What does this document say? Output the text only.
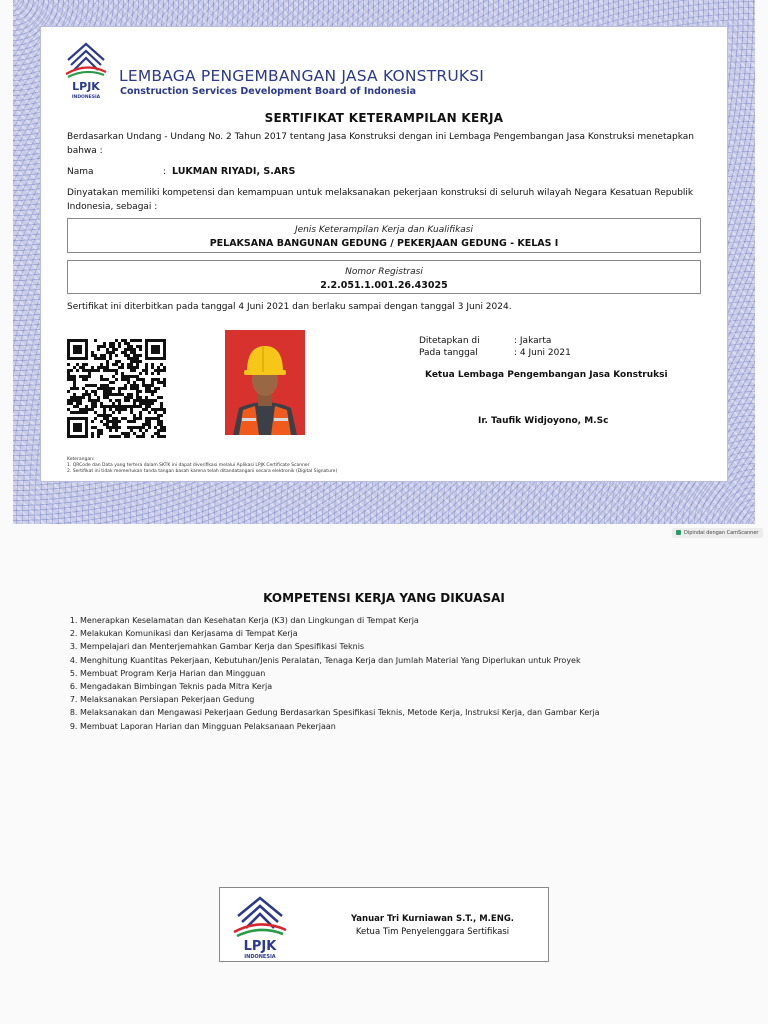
LPJK
INDONESIA
LEMBAGA PENGEMBANGAN JASA KONSTRUKSI
Construction Services Development Board of Indonesia
SERTIFIKAT KETERAMPILAN KERJA
Berdasarkan Undang - Undang No. 2 Tahun 2017 tentang Jasa Konstruksi dengan ini Lembaga Pengembangan Jasa Konstruksi menetapkan bahwa :
Nama	: LUKMAN RIYADI, S.ARS
Dinyatakan memiliki kompetensi dan kemampuan untuk melaksanakan pekerjaan konstruksi di seluruh wilayah Negara Kesatuan Republik Indonesia, sebagai :
Jenis Keterampilan Kerja dan Kualifikasi
PELAKSANA BANGUNAN GEDUNG / PEKERJAAN GEDUNG - KELAS I
Nomor Registrasi
2.2.051.1.001.26.43025
Sertifikat ini diterbitkan pada tanggal 4 Juni 2021 dan berlaku sampai dengan tanggal 3 Juni 2024.
Ditetapkan di	: Jakarta
Pada tanggal	: 4 Juni 2021
Ketua Lembaga Pengembangan Jasa Konstruksi
Ir. Taufik Widjoyono, M.Sc
Keterangan:
1. QRCode dan Data yang tertera dalam SKTK ini dapat diverifikasi melalui Aplikasi LPJK Certificate Scanner
2. Sertifikat ini tidak memerlukan tanda tangan basah karena telah ditandatangani secara elektronik (Digital Signature)
Dipindai dengan CamScanner
KOMPETENSI KERJA YANG DIKUASAI
1. Menerapkan Keselamatan dan Kesehatan Kerja (K3) dan Lingkungan di Tempat Kerja
2. Melakukan Komunikasi dan Kerjasama di Tempat Kerja
3. Mempelajari dan Menterjemahkan Gambar Kerja dan Spesifikasi Teknis
4. Menghitung Kuantitas Pekerjaan, Kebutuhan/Jenis Peralatan, Tenaga Kerja dan Jumlah Material Yang Diperlukan untuk Proyek
5. Membuat Program Kerja Harian dan Mingguan
6. Mengadakan Bimbingan Teknis pada Mitra Kerja
7. Melaksanakan Persiapan Pekerjaan Gedung
8. Melaksanakan dan Mengawasi Pekerjaan Gedung Berdasarkan Spesifikasi Teknis, Metode Kerja, Instruksi Kerja, dan Gambar Kerja
9. Membuat Laporan Harian dan Mingguan Pelaksanaan Pekerjaan
LPJK
INDONESIA
Yanuar Tri Kurniawan S.T., M.ENG.
Ketua Tim Penyelenggara Sertifikasi
